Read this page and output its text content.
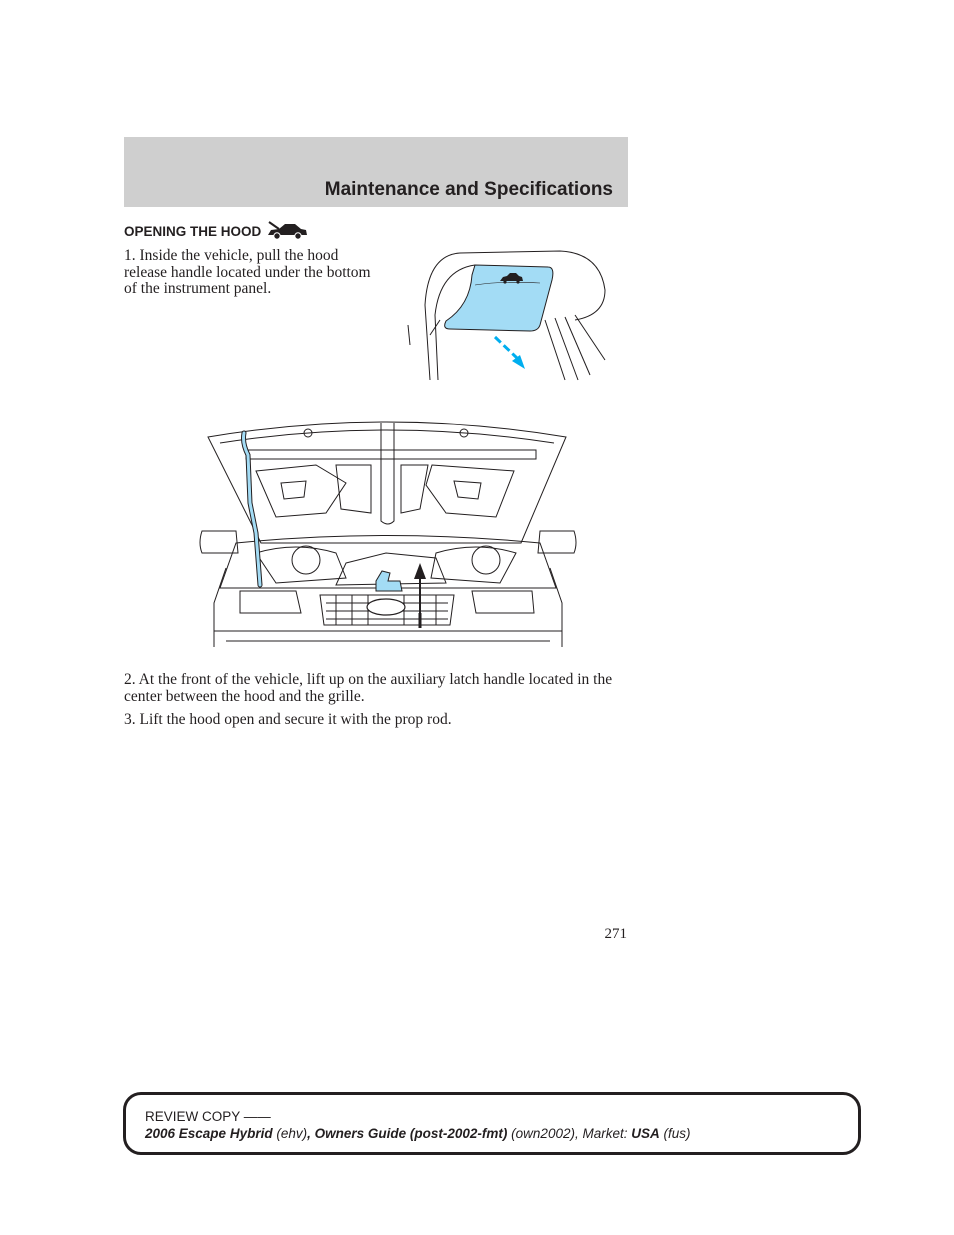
Maintenance and Specifications
OPENING THE HOOD

1. Inside the vehicle, pull the hood release handle located under the bottom of the instrument panel.

2. At the front of the vehicle, lift up on the auxiliary latch handle located in the center between the hood and the grille.

3. Lift the hood open and secure it with the prop rod.

271
REVIEW COPY ——
2006 Escape Hybrid (ehv), Owners Guide (post-2002-fmt) (own2002), Market: USA (fus)
